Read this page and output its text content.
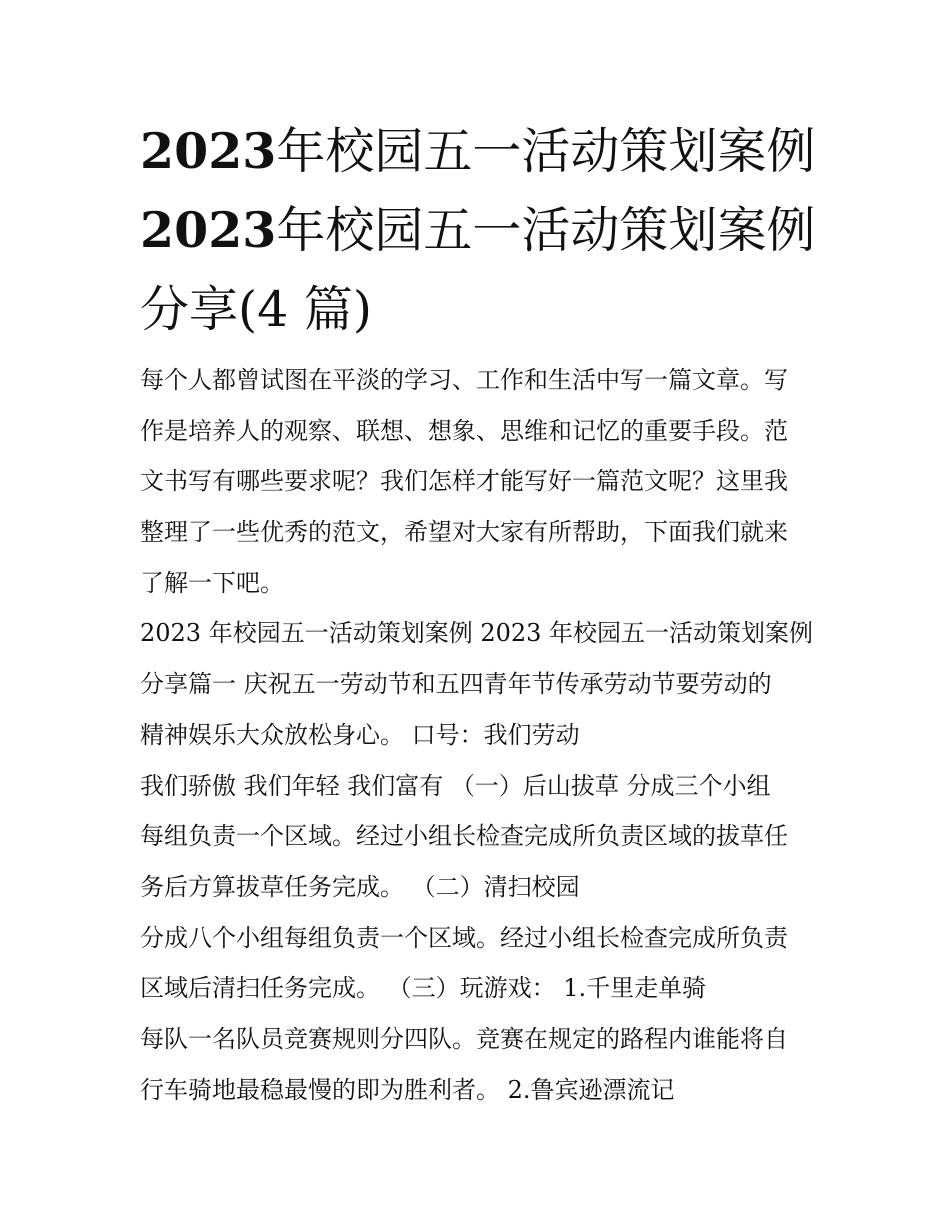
2023年校园五一活动策划案例
2023年校园五一活动策划案例
分享(4 篇)
每个人都曾试图在平淡的学习、工作和生活中写一篇文章。写
作是培养人的观察、联想、想象、思维和记忆的重要手段。范
文书写有哪些要求呢？我们怎样才能写好一篇范文呢？这里我
整理了一些优秀的范文，希望对大家有所帮助，下面我们就来
了解一下吧。
2023 年校园五一活动策划案例 2023 年校园五一活动策划案例
分享篇一 庆祝五一劳动节和五四青年节传承劳动节要劳动的
精神娱乐大众放松身心。 口号：我们劳动
我们骄傲 我们年轻 我们富有 （一）后山拔草 分成三个小组
每组负责一个区域。经过小组长检查完成所负责区域的拔草任
务后方算拔草任务完成。 （二）清扫校园
分成八个小组每组负责一个区域。经过小组长检查完成所负责
区域后清扫任务完成。 （三）玩游戏： 1.千里走单骑
每队一名队员竞赛规则分四队。竞赛在规定的路程内谁能将自
行车骑地最稳最慢的即为胜利者。 2.鲁宾逊漂流记
